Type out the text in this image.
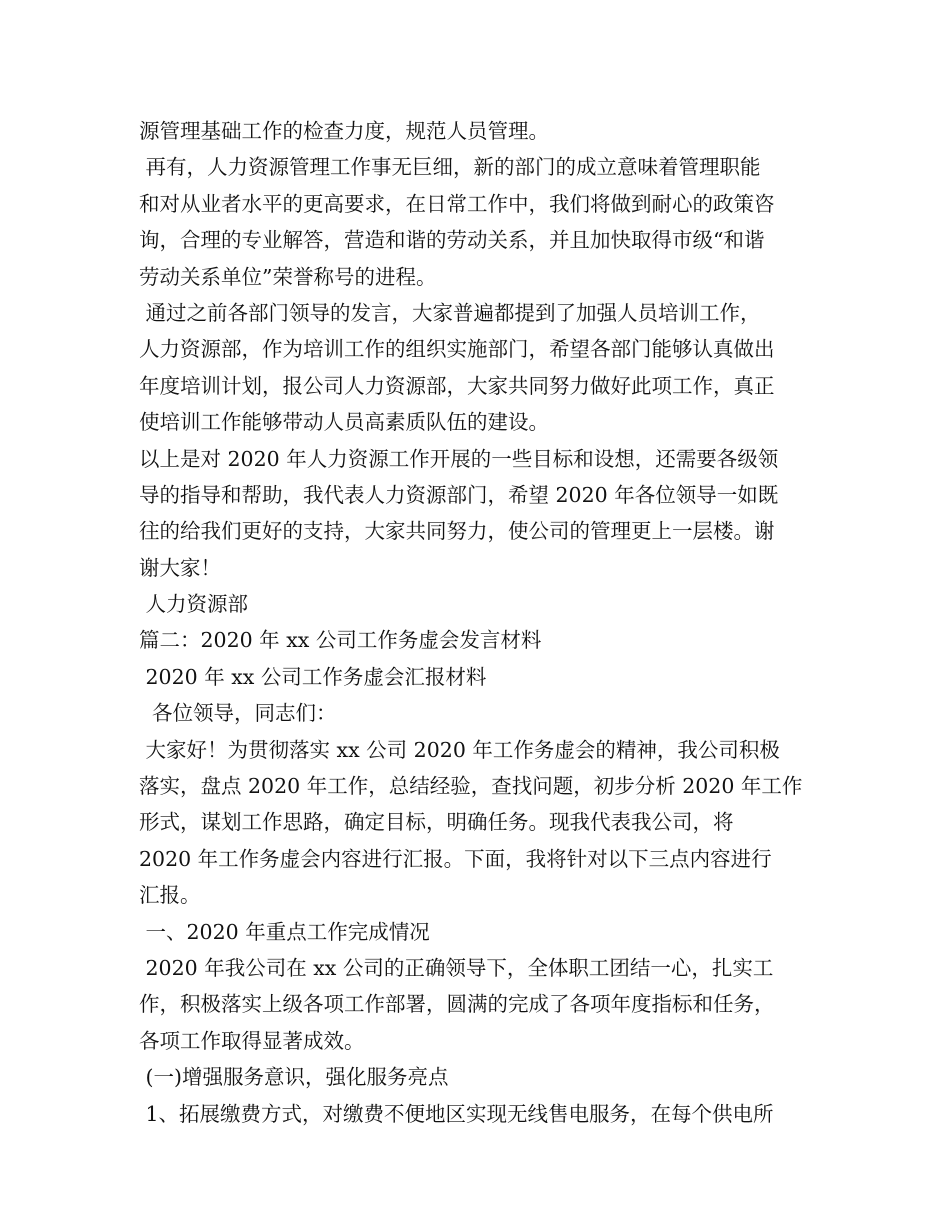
源管理基础工作的检查力度，规范人员管理。
再有，人力资源管理工作事无巨细，新的部门的成立意味着管理职能
和对从业者水平的更高要求，在日常工作中，我们将做到耐心的政策咨
询，合理的专业解答，营造和谐的劳动关系，并且加快取得市级“和谐
劳动关系单位”荣誉称号的进程。
通过之前各部门领导的发言，大家普遍都提到了加强人员培训工作，
人力资源部，作为培训工作的组织实施部门，希望各部门能够认真做出
年度培训计划，报公司人力资源部，大家共同努力做好此项工作，真正
使培训工作能够带动人员高素质队伍的建设。
以上是对 2020 年人力资源工作开展的一些目标和设想，还需要各级领
导的指导和帮助，我代表人力资源部门，希望 2020 年各位领导一如既
往的给我们更好的支持，大家共同努力，使公司的管理更上一层楼。谢
谢大家！
人力资源部
篇二：2020 年 xx 公司工作务虚会发言材料
2020 年 xx 公司工作务虚会汇报材料
各位领导，同志们：
大家好！为贯彻落实 xx 公司 2020 年工作务虚会的精神，我公司积极
落实，盘点 2020 年工作，总结经验，查找问题，初步分析 2020 年工作
形式，谋划工作思路，确定目标，明确任务。现我代表我公司，将
2020 年工作务虚会内容进行汇报。下面，我将针对以下三点内容进行
汇报。
一、2020 年重点工作完成情况
2020 年我公司在 xx 公司的正确领导下，全体职工团结一心，扎实工
作，积极落实上级各项工作部署，圆满的完成了各项年度指标和任务，
各项工作取得显著成效。
(一)增强服务意识，强化服务亮点
1、拓展缴费方式，对缴费不便地区实现无线售电服务，在每个供电所
